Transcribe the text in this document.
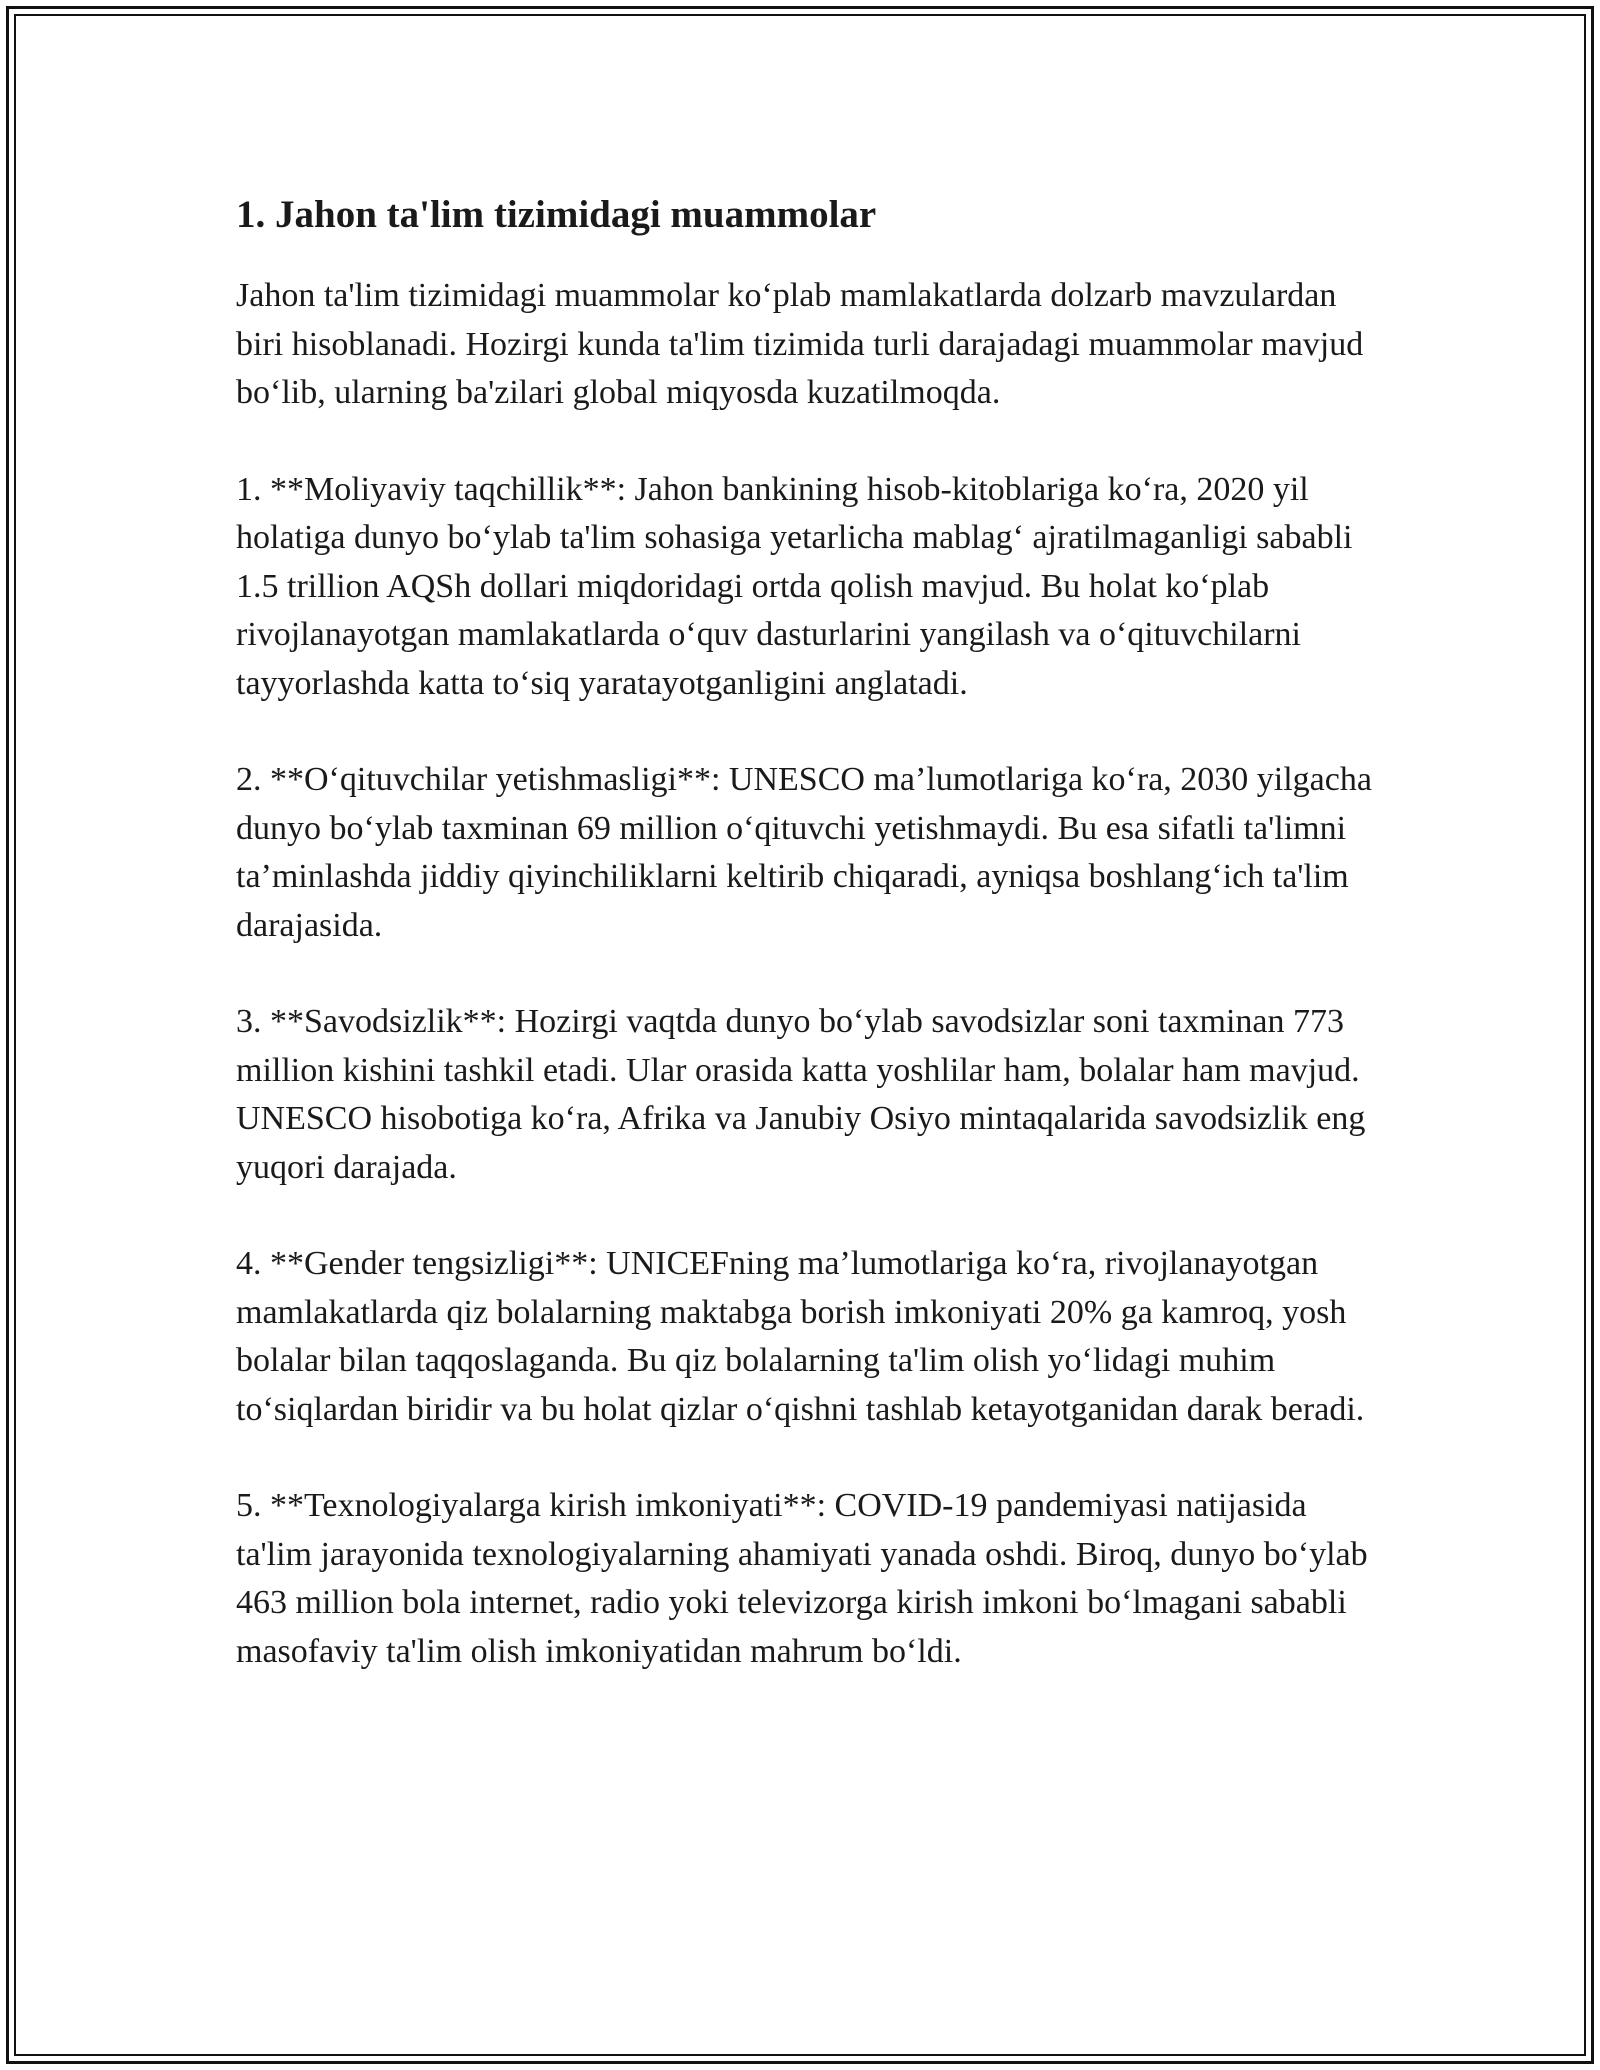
1. Jahon ta'lim tizimidagi muammolar

Jahon ta'lim tizimidagi muammolar ko‘plab mamlakatlarda dolzarb mavzulardan biri hisoblanadi. Hozirgi kunda ta'lim tizimida turli darajadagi muammolar mavjud bo‘lib, ularning ba'zilari global miqyosda kuzatilmoqda.

1. **Moliyaviy taqchillik**: Jahon bankining hisob-kitoblariga ko‘ra, 2020 yil holatiga dunyo bo‘ylab ta'lim sohasiga yetarlicha mablag‘ ajratilmaganligi sababli 1.5 trillion AQSh dollari miqdoridagi ortda qolish mavjud. Bu holat ko‘plab rivojlanayotgan mamlakatlarda o‘quv dasturlarini yangilash va o‘qituvchilarni tayyorlashda katta to‘siq yaratayotganligini anglatadi.

2. **O‘qituvchilar yetishmasligi**: UNESCO ma’lumotlariga ko‘ra, 2030 yilgacha dunyo bo‘ylab taxminan 69 million o‘qituvchi yetishmaydi. Bu esa sifatli ta'limni ta’minlashda jiddiy qiyinchiliklarni keltirib chiqaradi, ayniqsa boshlang‘ich ta'lim darajasida.

3. **Savodsizlik**: Hozirgi vaqtda dunyo bo‘ylab savodsizlar soni taxminan 773 million kishini tashkil etadi. Ular orasida katta yoshlilar ham, bolalar ham mavjud. UNESCO hisobotiga ko‘ra, Afrika va Janubiy Osiyo mintaqalarida savodsizlik eng yuqori darajada.

4. **Gender tengsizligi**: UNICEFning ma’lumotlariga ko‘ra, rivojlanayotgan mamlakatlarda qiz bolalarning maktabga borish imkoniyati 20% ga kamroq, yosh bolalar bilan taqqoslaganda. Bu qiz bolalarning ta'lim olish yo‘lidagi muhim to‘siqlardan biridir va bu holat qizlar o‘qishni tashlab ketayotganidan darak beradi.

5. **Texnologiyalarga kirish imkoniyati**: COVID-19 pandemiyasi natijasida ta'lim jarayonida texnologiyalarning ahamiyati yanada oshdi. Biroq, dunyo bo‘ylab 463 million bola internet, radio yoki televizorga kirish imkoni bo‘lmagani sababli masofaviy ta'lim olish imkoniyatidan mahrum bo‘ldi.
